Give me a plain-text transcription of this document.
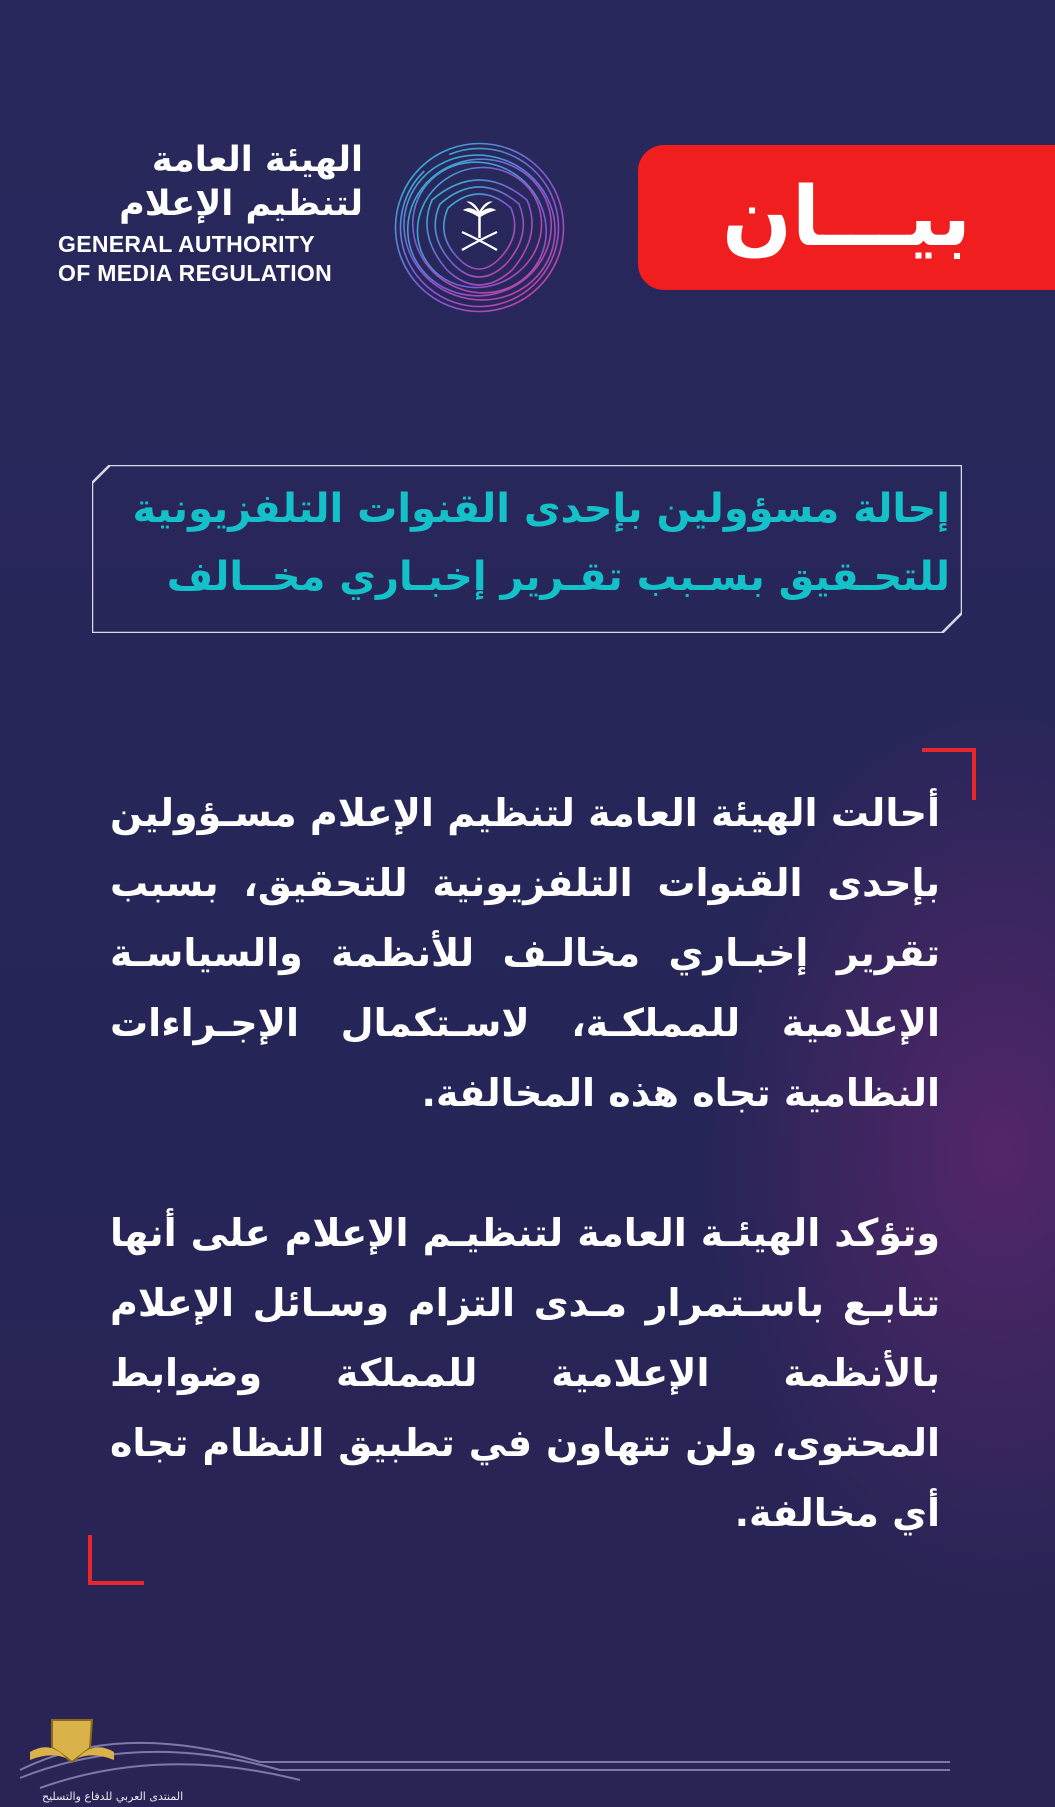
الهيئة العامة
لتنظيم الإعلام
GENERAL AUTHORITY
OF MEDIA REGULATION
بيـــان
إحالة مسؤولين بإحدى القنوات التلفزيونية
للتحـقيق بسـبب تقـرير إخبـاري مخــالف

أحالت الهيئة العامة لتنظيم الإعلام مسـؤولين بإحدى القنوات التلفزيونية للتحقيق، بسبب تقرير إخبـاري مخالـف للأنظمة والسياسـة الإعلامية للمملكـة، لاسـتكمال الإجـراءات النظامية تجاه هذه المخالفة.

وتؤكد الهيئـة العامة لتنظيـم الإعلام على أنها تتابـع باسـتمرار مـدى التزام وسـائل الإعلام بالأنظمة الإعلامية للمملكة وضوابط المحتوى، ولن تتهاون في تطبيق النظام تجاه أي مخالفة.

المنتدى العربي للدفاع والتسليح
